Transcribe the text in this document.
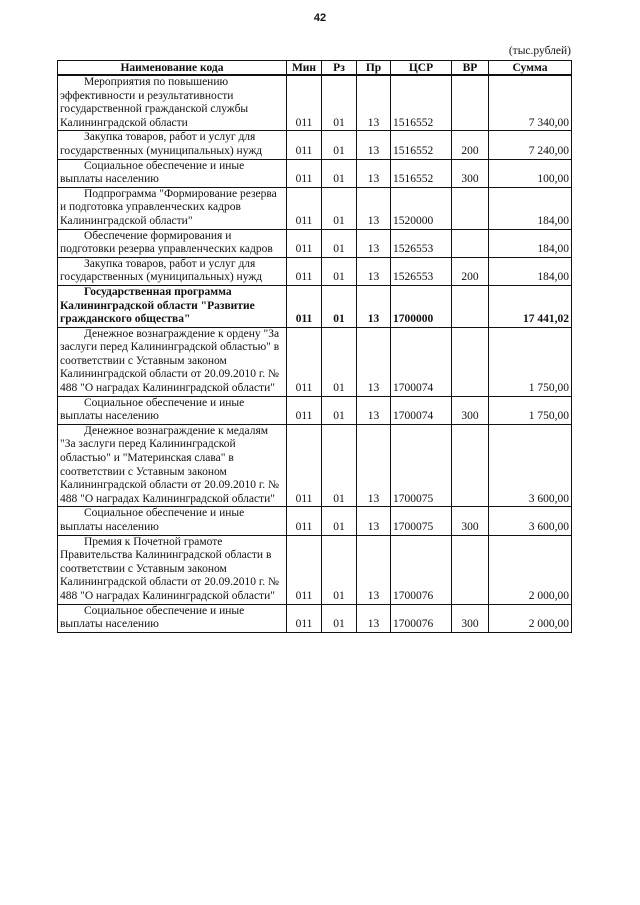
42
(тыс.рублей)
Наименование кода	Мин	Рз	Пр	ЦСР	ВР	Сумма

Мероприятия по повышению эффективности и результативности государственной гражданской службы Калининградской области	011	01	13	1516552		7 340,00

Закупка товаров, работ и услуг для государственных (муниципальных) нужд	011	01	13	1516552	200	7 240,00

Социальное обеспечение и иные выплаты населению	011	01	13	1516552	300	100,00

Подпрограмма "Формирование резерва и подготовка управленческих кадров Калининградской области"	011	01	13	1520000		184,00

Обеспечение формирования и подготовки резерва управленческих кадров	011	01	13	1526553		184,00

Закупка товаров, работ и услуг для государственных (муниципальных) нужд	011	01	13	1526553	200	184,00

Государственная программа Калининградской области "Развитие гражданского общества"	011	01	13	1700000		17 441,02

Денежное вознаграждение к ордену "За заслуги перед Калининградской областью" в соответствии с Уставным законом Калининградской области от 20.09.2010 г. № 488 "О наградах Калининградской области"	011	01	13	1700074		1 750,00

Социальное обеспечение и иные выплаты населению	011	01	13	1700074	300	1 750,00

Денежное вознаграждение к медалям "За заслуги перед Калининградской областью" и "Материнская слава" в соответствии с Уставным законом Калининградской области от 20.09.2010 г. № 488 "О наградах Калининградской области"	011	01	13	1700075		3 600,00

Социальное обеспечение и иные выплаты населению	011	01	13	1700075	300	3 600,00

Премия к Почетной грамоте Правительства Калининградской области в соответствии с Уставным законом Калининградской области от 20.09.2010 г. № 488 "О наградах Калининградской области"	011	01	13	1700076		2 000,00

Социальное обеспечение и иные выплаты населению	011	01	13	1700076	300	2 000,00
